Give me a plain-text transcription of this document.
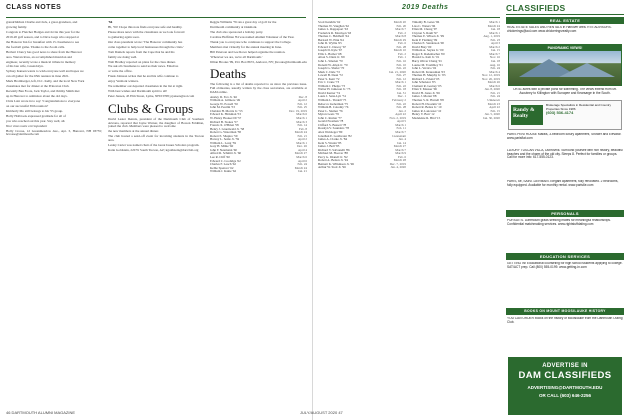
CLASS NOTES	2019 Deaths

grandchildren Charlie and Jack, a great-grandson, and

growing family.

Congrats to Fletcher Hodges and Jovita this year for the

2019-20 golf season, and to Dave Gage who stopped at

the Hanover Inn for breakfast with 15 classmates to see

the football game. Thanks to the Zoom calls.

Herbert Clancy has good news to share from the Hanover

area. Warren Ross, an accomplished musician and

engineer, recently wrote a musical tribute in memory

of his late wife, Gwendolyn.

Sydney Kansen wants to wish everyone well and hopes we

can all gather for the 65th reunion in June 2021.

Mark Bromberger, left, D.C. Kelly, and the local New York

classmates met for dinner at the Princeton Club.

Recently Ben Foote, Jack Taylor, and Jimmy Smith met

up in Hanover to reminisce about the old days.

Chris Lutz wrote in to say: 'Congratulations to everyone

on our successful 65th reunion!'

Kimberly Mo still belongs to his '55 group.

Holly Holbrook expressed gratitude for all of

you who reached out this year. Stay well, all.

Your class notes correspondent

Holly Crosse, 12 Greenmeadow Ave., Apt. 3, Hanover, NH 03755; hcrosse@dartmouth.com

'56

Hi, '56! I hope this note finds everyone safe and healthy.

Please share news with the classmates as we look forward

to gathering again soon.

Our class president wrote: 'The Hanover community has

come together to help local businesses through the crisis.'

Tom Daniels reports from the Cape that he and his

family are doing well.

Walt Bradley reported on plans for the class dinner.

We ask all classmates to send us their news. Email us

or write the office.

Frank Johnson writes that he and his wife continue to

enjoy Vermont winters.

We remember our departed classmates in the list at right.

With best wishes and Dartmouth spirit to all!

Peter Jansen, 45 Elm Street, Lyme, NH 03768; pjansen@aol.com

Clubs & Groups

David Lester Dennis, president of the Dartmouth Club of Southern Arizona, reported that Jayne Warner, the daughter of Bowen Feldman, joined the club. Members were pleased to welcome

the new members at the annual dinner.

The club hosted a send-off event for incoming students in the Tucson area.

Lesley Carter was named chair of the Great Issues Scholars program.

Katie Goldstein, 220 W South Tucson, AZ; kgoldstein@dartclub.org

Reggie Williams '76 ran a great day of golf for the

Dartmouth community at Oakmont.

The club also sponsored a holiday party.

Caroline Hoffman '84 was named Alumni Volunteer of the Year.

Thank you to everyone who continues to support the College.

Members met virtually for the annual meeting in June.

Bill Peterson and Lee Rowe helped organize the reunion.

'Wherever we are, we're all Dartmouth.'

Jillian Brooks '99, P.O. Box 8672, Andover, NY; jbrooks@dartmouth.edu

Deaths

The following is a list of deaths reported to us since the previous issue. Full obituaries, usually written by the class secretaries, are available at DAM online.

Ansley D. Fox Jr. '46	Dec. 8
William A. Gilmore '49	April 2
George W. Powell '50	Feb. 12
John M. Pearlin '53	Feb. 25
Cheldon H. Morris Jr. '53	Dec. 19, 2019
Edward K. Hickman '53	March 6
W. Henry Hooker III '57	March 1
Richard B. Stokes '57	March 3
Francis X. O'Brien '58	Feb. 14
Henry J. Gruenwald Jr. '58	Feb. 8
Robert G. Waterman '58	March 24
Robert E. Shapiro '59	Feb. 21
Harvey L. Seide Jr. '59	April 2
William L. Long '59	March 1
Gary H. Milne '60	Dec. 26
John F. Neumann '60	April 4
Alfred R. Schmitt Jr. '60	March 27
Lee R. Cliff '60	March 6
Edward C. Coolidge '62	April 6
Charles F. Leach '62	Feb. 24
Kellie Spencer '62	March 24
William J. Kaine '62	Jan. 21
Scott Kendrik '62	March 20
Thomas W. Vaughan '62	Feb. 20
James L. Rappaport '63	March 7
Frederick R. Morrison '63	Feb. 2
Thomas C. Heldhoff '64	March 8
Bernard W. Pink '64	March 29
John D. Wyllie '65	Feb. 6
Edward C. Dewey '67	Feb. 28
Joseph D. Kyle '67	March 10
Ellis L. Barber '68	Feb. 2
Alton S. Dietz Jr. '69	Feb. 1
John L. Smolen '70	Feb. 16
Donald W. Allen Jr. '70	Feb. 10
Joseph G. Shefer '70	Feb. 22
Mark C. Dale '72	Jan. 21, 2020
Lowell B. Dean '72	Feb. 27
Peter S. Kent '72	Feb. 12
Eric J. Crane '73	March 1
William J. Phelps '73	Feb. 22
Walter H. Jameson Jr. '73	Feb. 18
David Kerner '74	Jan. 31
Louis J. Sanz-Lyn '74	Dec. 1
William L. Tindell '75	February 2
Rebecca Lieberman '75	Feb. 22
William B. Colodny '76	Feb. 28
Peter L. Stumer '76	Jan. 2
Myron Leets '76	April 22
John C. Romer '77	Nov. 2, 2019
Gerald Freeman '78	April 5
Clifford S. Bassett '78	March 1
Rosalyn V. Saunders '78	Feb. 11
Alex Wolsleger '80	March 7
Jonathan E. Goldwater '82	Lieutenant
James A. Clarke Jr. '84	Jan. 4
Kent S. Wrenn '85	Jan. 14
James J. Bell '85	March 27
Richard V. Salvanelli '86	March 7
Michael M. Hoover '88	March 9
Percy G. Dianell Jr. '92	Feb. 6
Robert A. Betton Jr. '94	March 28
Bennett K. Wilkinson Jr. '96	Dec. 7, 2019
Arthur W. Stott Jr. '96	Jan. 4, 2020
Timothy B. Gates '96	March 1
Lisa C. Waters '96	March 24
Ellen M. Chong '97	Jan. 18
Clayton S. Rauh '97	March 1
Thomas E. Wilson Jr. '99	Aug. 1, 2019
Kent P. Fleming '99	Feb. 23
Charles E. Sanderson '00	April 3
David Bray '00	March 2
William A. Sayles Jr. '00	Jan. 15
Roger E. Rademacher '00	March 7
Harold G. Kalt Jr. '01	Nov. 16
Barry Oliver Chang '01	Jan. 18
Louise M. Trombley '01	Aug. 16
John L. Verrico '02	Feb. 24
Robert M. Kraussman '03	March 4
Thomas H. Murphy Jr. '03	Nov. 12, 2019
Richard L. Friend '03	Nov. 26, 2019
John Scholerer '05	March 26
Clement R. Gorney '05	March 6
Ellen T. Mauser '06	Jan. 8, 2020
David H. Jones Jr. '06	Feb. 21
James J. Moran '08	Feb. 24
Thomas S. R. Harrell '08	Unknown
Robert H. Dworkin '10	March 23
Robert R. Bettes Jr. '10	April 22
James R. Lancaster '10	Feb. 15
Henry V. Barr '12	Jan. 5, 2020
Madeleine R. Bird '15	Jan. 30, 2020
46 DARTMOUTH ALUMNI MAGAZINE	JULY/AUGUST 2020 47
CLASSIFIEDS
REAL ESTATE
REAL ESTATE SALES AND RENTALS in Hanover area. RTE ADVISORS. chickerings@aol.com www.chickeringsrealty.com
PANORAMIC VIEWS!
On 51 acres with a private pond for swimming. The views extend from Mt. Ascutney to Killington with Sunapee and Kearsarge in the South.
Randy & Realty
Brokerage Specialists in Residential and Country Properties Since 1986
(603) 536-4174
PARIS PENTHOUSE Marais, 3-bedroom luxury apartment, Shower and Elevator. www.parisflat.com
LUXURY TUSCAN VILLA, Dubrovnik. Surround yourself with rich history, beautiful beaches and the charm of the old city. Sleeps 8. Perfect for families or groups. Call for more info: 617-555-0123.
PARIS, 6e, SAINT-GERMAIN. Elegant apartment, fully renovated. 2 bedrooms, fully equipped. Available for monthly rental. www.paris6e.com
PERSONALS
PURSUITS. Dartmouth grads seeking mates for meaningful relationships. Confidential matchmaking services. www.rightstuffdating.com
EDUCATION SERVICES
GETTING IN! Educational counseling for high school students applying to college. SAT/ACT prep. Call (800) 555-0199. www.getting-in.com
BOOKS ON MOUNT MOOSILAUKE HISTORY
YOU CAN ORDER books on the history of Moosilauke from the Dartmouth Outing Club.
ADVERTISE IN
DAM CLASSIFIEDS
ADVERTISING@DARTMOUTH.EDU
OR CALL (603) 646-2256
